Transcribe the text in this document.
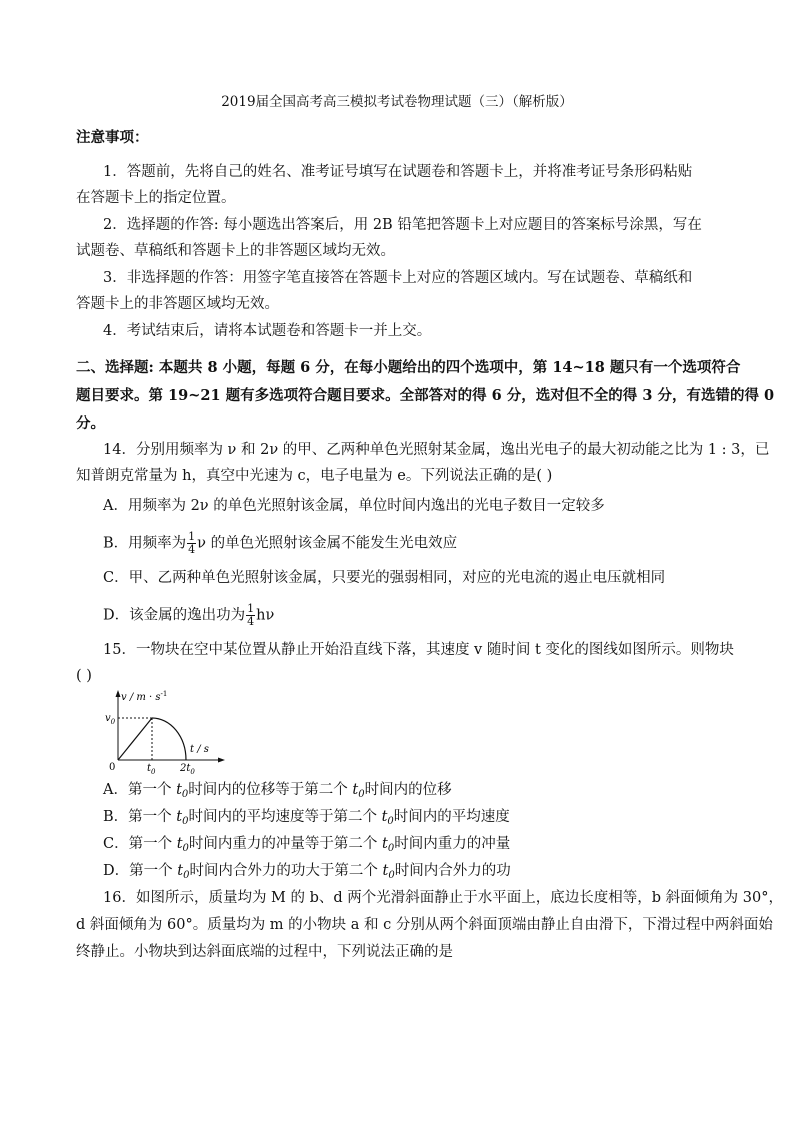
2019届全国高考高三模拟考试卷物理试题（三）（解析版）
注意事项：
1．答题前，先将自己的姓名、准考证号填写在试题卷和答题卡上，并将准考证号条形码粘贴
在答题卡上的指定位置。
2．选择题的作答: 每小题选出答案后，用 2B 铅笔把答题卡上对应题目的答案标号涂黑，写在
试题卷、草稿纸和答题卡上的非答题区域均无效。
3．非选择题的作答：用签字笔直接答在答题卡上对应的答题区域内。写在试题卷、草稿纸和
答题卡上的非答题区域均无效。
4．考试结束后，请将本试题卷和答题卡一并上交。
二、选择题: 本题共 8 小题，每题 6 分，在每小题给出的四个选项中，第 14~18 题只有一个选项符合
题目要求。第 19~21 题有多选项符合题目要求。全部答对的得 6 分，选对但不全的得 3 分，有选错的得 0
分。
14．分别用频率为 ν 和 2ν 的甲、乙两种单色光照射某金属，逸出光电子的最大初动能之比为 1 : 3，已
知普朗克常量为 h，真空中光速为 c，电子电量为 e。下列说法正确的是( )
A．用频率为 2ν 的单色光照射该金属，单位时间内逸出的光电子数目一定较多
B．用频率为 $\frac{1}{4}$ ν 的单色光照射该金属不能发生光电效应
C．甲、乙两种单色光照射该金属，只要光的强弱相同，对应的光电流的遏止电压就相同
D．该金属的逸出功为 $\frac{1}{4}$ hν
15．一物块在空中某位置从静止开始沿直线下落，其速度 v 随时间 t 变化的图线如图所示。则物块
( )
$v / m \cdot s^{-1}$
$v_0$
t / s
0	$t_0$ $2t_0$
A．第一个 $t_0$时间内的位移等于第二个 $t_0$时间内的位移
B．第一个 $t_0$时间内的平均速度等于第二个 $t_0$时间内的平均速度
C．第一个 $t_0$时间内重力的冲量等于第二个 $t_0$时间内重力的冲量
D．第一个 $t_0$时间内合外力的功大于第二个 $t_0$时间内合外力的功
16．如图所示，质量均为 M 的 b、d 两个光滑斜面静止于水平面上，底边长度相等，b 斜面倾角为 30°，
d 斜面倾角为 60°。质量均为 m 的小物块 a 和 c 分别从两个斜面顶端由静止自由滑下，下滑过程中两斜面始
终静止。小物块到达斜面底端的过程中，下列说法正确的是
